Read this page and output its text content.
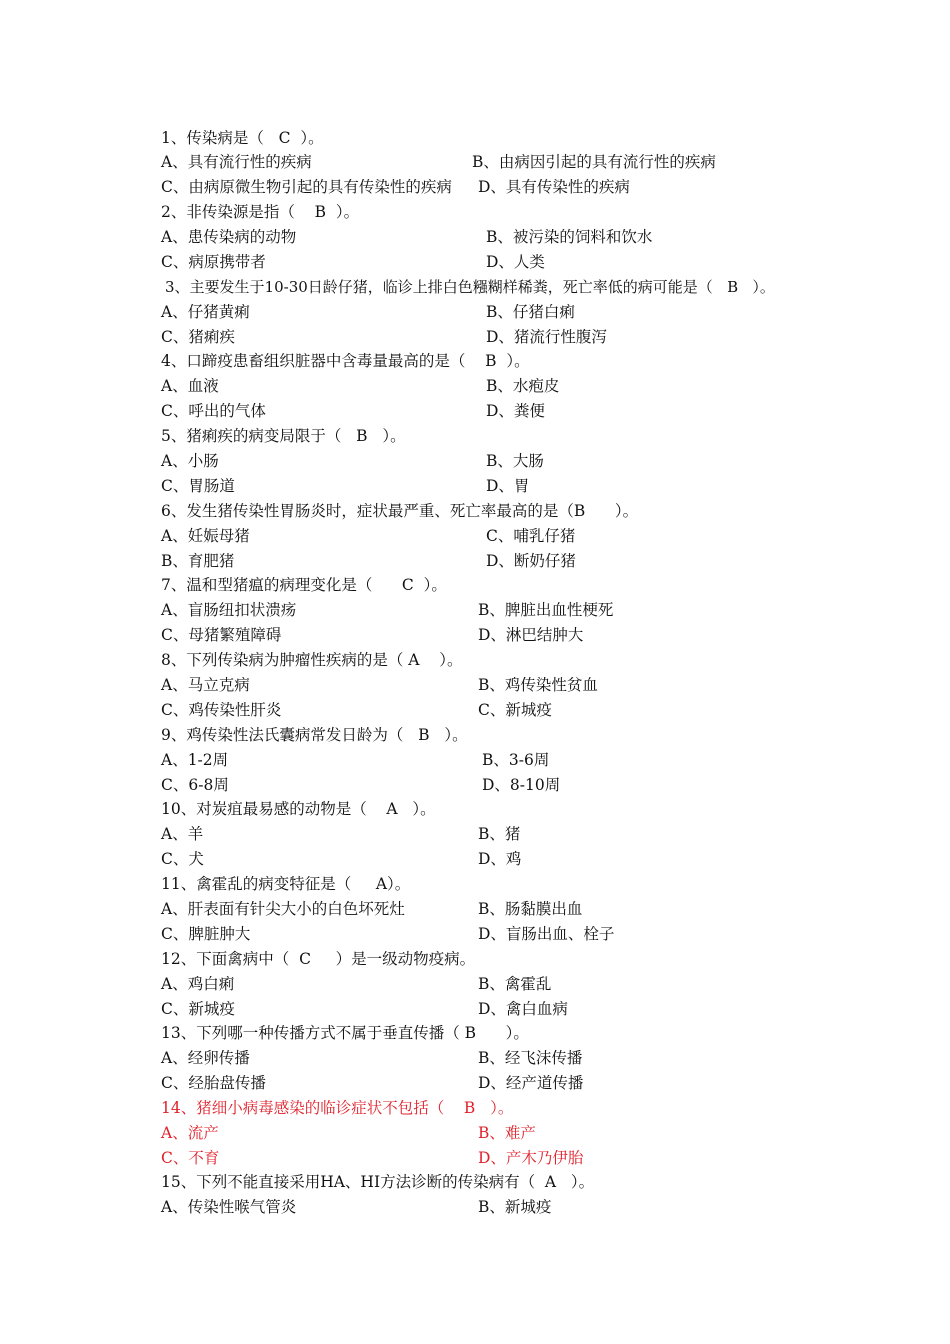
1、传染病是（   C  ）。
A、具有流行性的疾病	B、由病因引起的具有流行性的疾病
C、由病原微生物引起的具有传染性的疾病 D、具有传染性的疾病
2、非传染源是指（    B  ）。
A、患传染病的动物	B、被污染的饲料和饮水
C、病原携带者	D、人类
3、主要发生于10-30日龄仔猪，临诊上排白色糨糊样稀粪，死亡率低的病可能是（   B   ）。
A、仔猪黄痢	B、仔猪白痢
C、猪痢疾	D、猪流行性腹泻
4、口蹄疫患畜组织脏器中含毒量最高的是（    B  ）。
A、血液	B、水疱皮
C、呼出的气体	D、粪便
5、猪痢疾的病变局限于（   B   ）。
A、小肠	B、大肠
C、胃肠道	D、胃
6、发生猪传染性胃肠炎时，症状最严重、死亡率最高的是（B      ）。
A、妊娠母猪	C、哺乳仔猪
B、育肥猪	D、断奶仔猪
7、温和型猪瘟的病理变化是（      C  ）。
A、盲肠纽扣状溃疡	B、脾脏出血性梗死
C、母猪繁殖障碍	D、淋巴结肿大
8、下列传染病为肿瘤性疾病的是（ A    ）。
A、马立克病	B、鸡传染性贫血
C、鸡传染性肝炎	C、新城疫
9、鸡传染性法氏囊病常发日龄为（   B   ）。
A、1-2周	B、3-6周
C、6-8周	D、8-10周
10、对炭疽最易感的动物是（    A   ）。
A、羊	B、猪
C、犬	D、鸡
11、禽霍乱的病变特征是（     A）。
A、肝表面有针尖大小的白色坏死灶	B、肠黏膜出血
C、脾脏肿大	D、盲肠出血、栓子
12、下面禽病中（  C     ）是一级动物疫病。
A、鸡白痢	B、禽霍乱
C、新城疫	D、禽白血病
13、下列哪一种传播方式不属于垂直传播（ B      ）。
A、经卵传播	B、经飞沫传播
C、经胎盘传播	D、经产道传播
14、猪细小病毒感染的临诊症状不包括（    B   ）。
A、流产	B、难产
C、不育	D、产木乃伊胎
15、下列不能直接采用HA、HI方法诊断的传染病有（  A   ）。
A、传染性喉气管炎	B、新城疫
